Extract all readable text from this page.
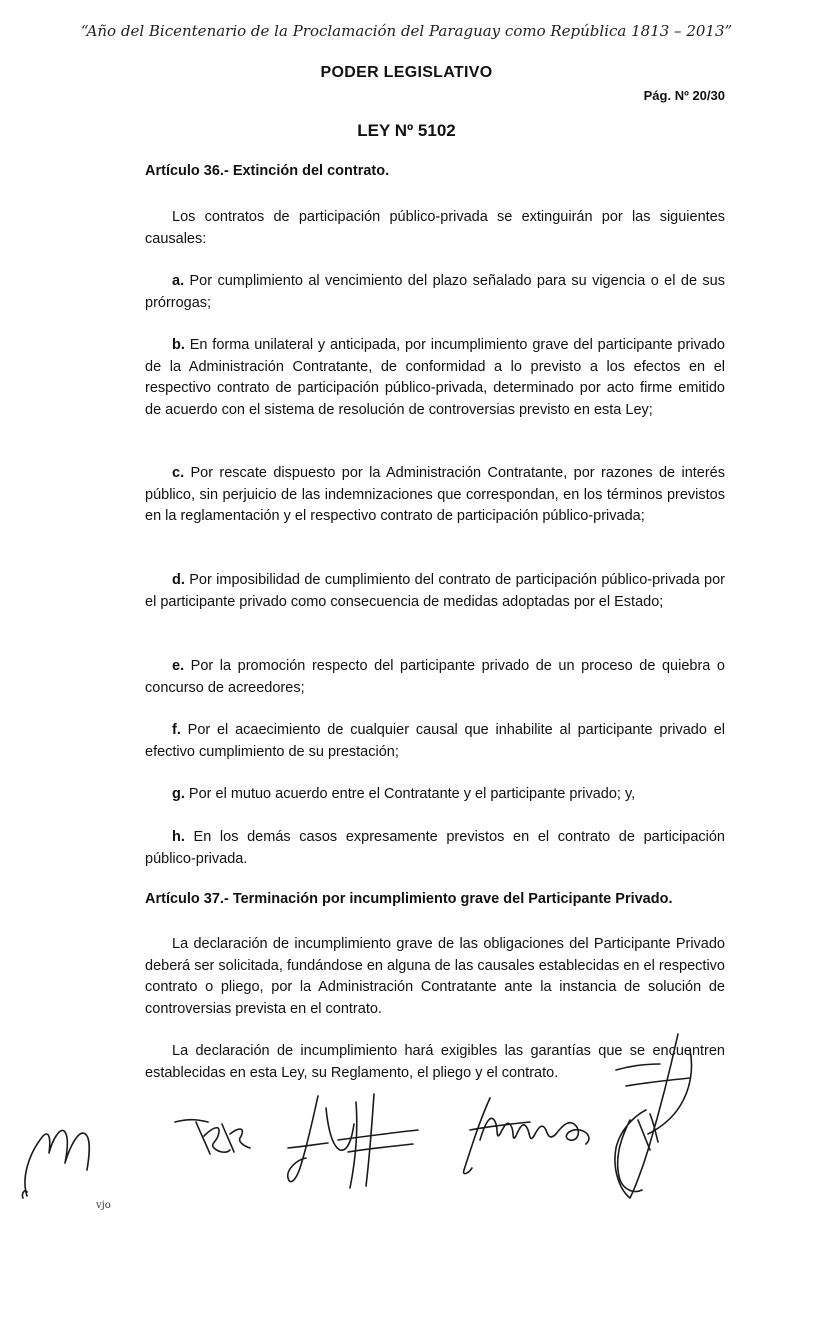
“Año del Bicentenario de la Proclamación del Paraguay como República 1813 – 2013”
PODER LEGISLATIVO
Pág. Nº 20/30
LEY Nº 5102
Artículo 36.- Extinción del contrato.
Los contratos de participación público-privada se extinguirán por las siguientes causales:
a. Por cumplimiento al vencimiento del plazo señalado para su vigencia o el de sus prórrogas;
b. En forma unilateral y anticipada, por incumplimiento grave del participante privado de la Administración Contratante, de conformidad a lo previsto a los efectos en el respectivo contrato de participación público-privada, determinado por acto firme emitido de acuerdo con el sistema de resolución de controversias previsto en esta Ley;
c. Por rescate dispuesto por la Administración Contratante, por razones de interés público, sin perjuicio de las indemnizaciones que correspondan, en los términos previstos en la reglamentación y el respectivo contrato de participación público-privada;
d. Por imposibilidad de cumplimiento del contrato de participación público-privada por el participante privado como consecuencia de medidas adoptadas por el Estado;
e. Por la promoción respecto del participante privado de un proceso de quiebra o concurso de acreedores;
f. Por el acaecimiento de cualquier causal que inhabilite al participante privado el efectivo cumplimiento de su prestación;
g. Por el mutuo acuerdo entre el Contratante y el participante privado; y,
h. En los demás casos expresamente previstos en el contrato de participación público-privada.
Artículo 37.- Terminación por incumplimiento grave del Participante Privado.
La declaración de incumplimiento grave de las obligaciones del Participante Privado deberá ser solicitada, fundándose en alguna de las causales establecidas en el respectivo contrato o pliego, por la Administración Contratante ante la instancia de solución de controversias prevista en el contrato.
La declaración de incumplimiento hará exigibles las garantías que se encuentren establecidas en esta Ley, su Reglamento, el pliego y el contrato.
vjo
